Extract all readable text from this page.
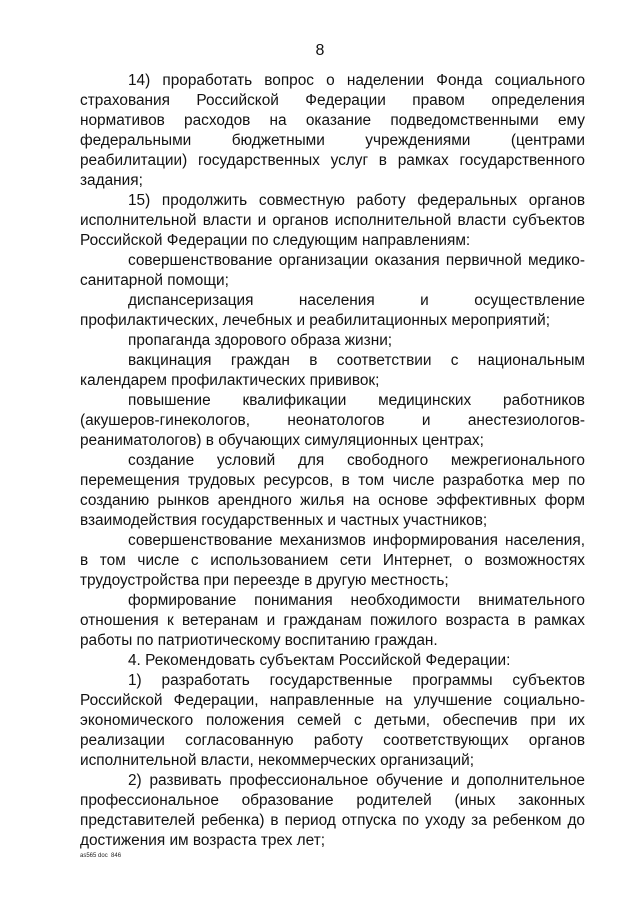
8

14) проработать вопрос о наделении Фонда социального страхования Российской Федерации правом определения нормативов расходов на оказание подведомственными ему федеральными бюджетными учреждениями (центрами реабилитации) государственных услуг в рамках государственного задания;

15) продолжить совместную работу федеральных органов исполнительной власти и органов исполнительной власти субъектов Российской Федерации по следующим направлениям:

совершенствование организации оказания первичной медико-санитарной помощи;

диспансеризация населения и осуществление профилактических, лечебных и реабилитационных мероприятий;

пропаганда здорового образа жизни;

вакцинация граждан в соответствии с национальным календарем профилактических прививок;

повышение квалификации медицинских работников (акушеров-гинекологов, неонатологов и анестезиологов-реаниматологов) в обучающих симуляционных центрах;

создание условий для свободного межрегионального перемещения трудовых ресурсов, в том числе разработка мер по созданию рынков арендного жилья на основе эффективных форм взаимодействия государственных и частных участников;

совершенствование механизмов информирования населения, в том числе с использованием сети Интернет, о возможностях трудоустройства при переезде в другую местность;

формирование понимания необходимости внимательного отношения к ветеранам и гражданам пожилого возраста в рамках работы по патриотическому воспитанию граждан.

4. Рекомендовать субъектам Российской Федерации:

1) разработать государственные программы субъектов Российской Федерации, направленные на улучшение социально-экономического положения семей с детьми, обеспечив при их реализации согласованную работу соответствующих органов исполнительной власти, некоммерческих организаций;

2) развивать профессиональное обучение и дополнительное профессиональное образование родителей (иных законных представителей ребенка) в период отпуска по уходу за ребенком до достижения им возраста трех лет;

as565 doc  846
